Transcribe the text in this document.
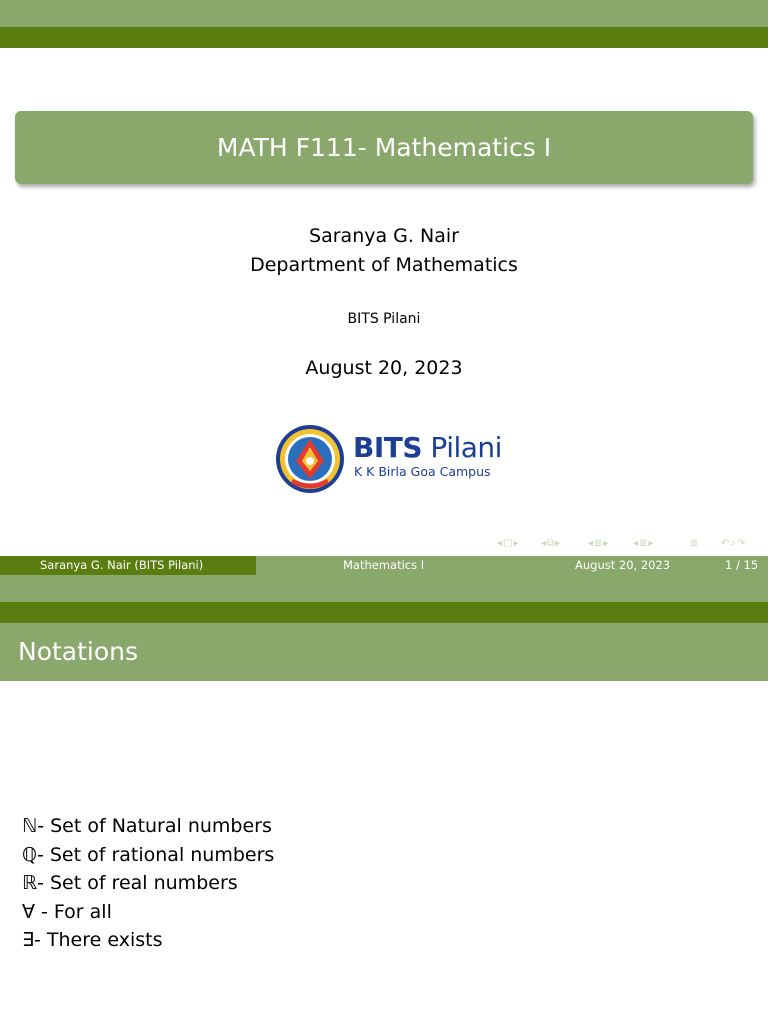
MATH F111- Mathematics I
Saranya G. Nair
Department of Mathematics
BITS Pilani
August 20, 2023
BITS Pilani
K K Birla Goa Campus
◂□▸ ◂⧉▸	◂≣▸ ◂≣▸	≣ ↶⌕↷
Saranya G. Nair (BITS Pilani)	Mathematics I	August 20, 2023	1 / 15
Notations
ℕ- Set of Natural numbers
ℚ- Set of rational numbers
ℝ- Set of real numbers
∀ - For all
∃- There exists
